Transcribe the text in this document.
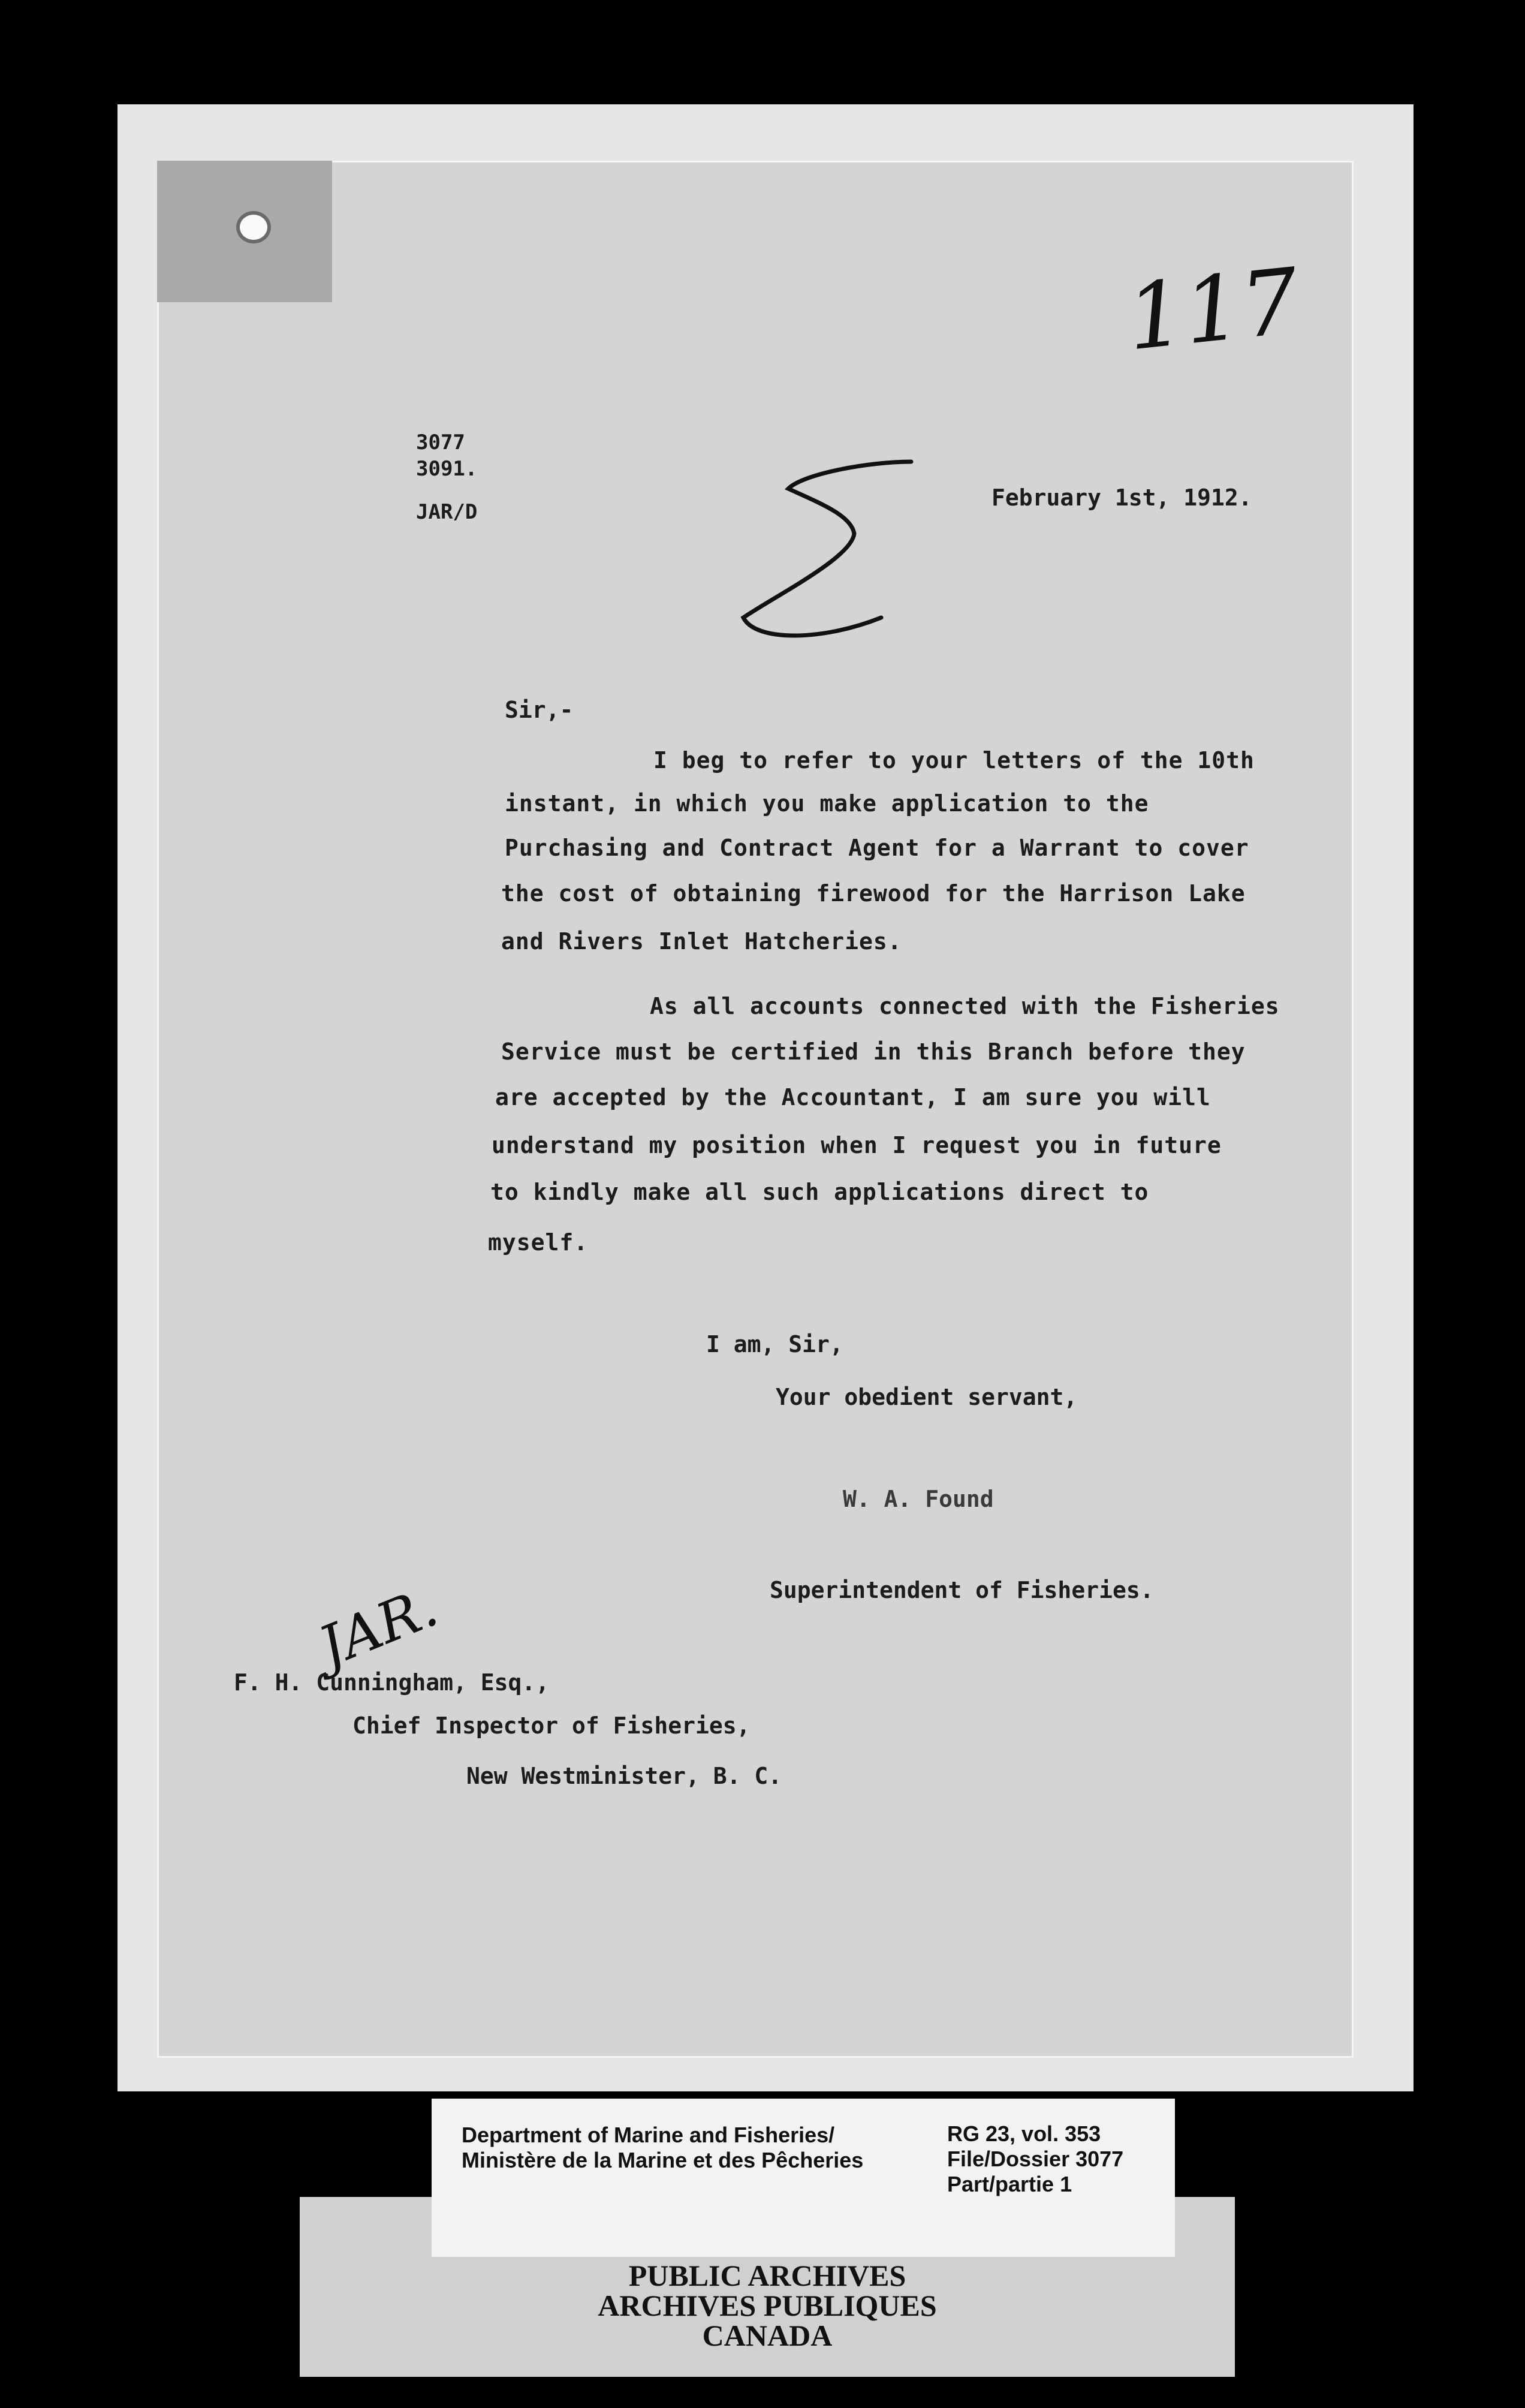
117
3077
3091.
JAR/D
February 1st, 1912.
Sir,-
I beg to refer to your letters of the 10th
instant, in which you make application to the
Purchasing and Contract Agent for a Warrant to cover
the cost of obtaining firewood for the Harrison Lake
and Rivers Inlet Hatcheries.
As all accounts connected with the Fisheries
Service must be certified in this Branch before they
are accepted by the Accountant, I am sure you will
understand my position when I request you in future
to kindly make all such applications direct to
myself.
I am, Sir,
Your obedient servant,
W. A. Found
Superintendent of Fisheries.
JAR.
F. H. Cunningham, Esq.,
Chief Inspector of Fisheries,
New Westminister, B. C.
Department of Marine and Fisheries/
Ministère de la Marine et des Pêcheries
RG 23, vol. 353
File/Dossier 3077
Part/partie 1
PUBLIC ARCHIVES
ARCHIVES PUBLIQUES
CANADA
